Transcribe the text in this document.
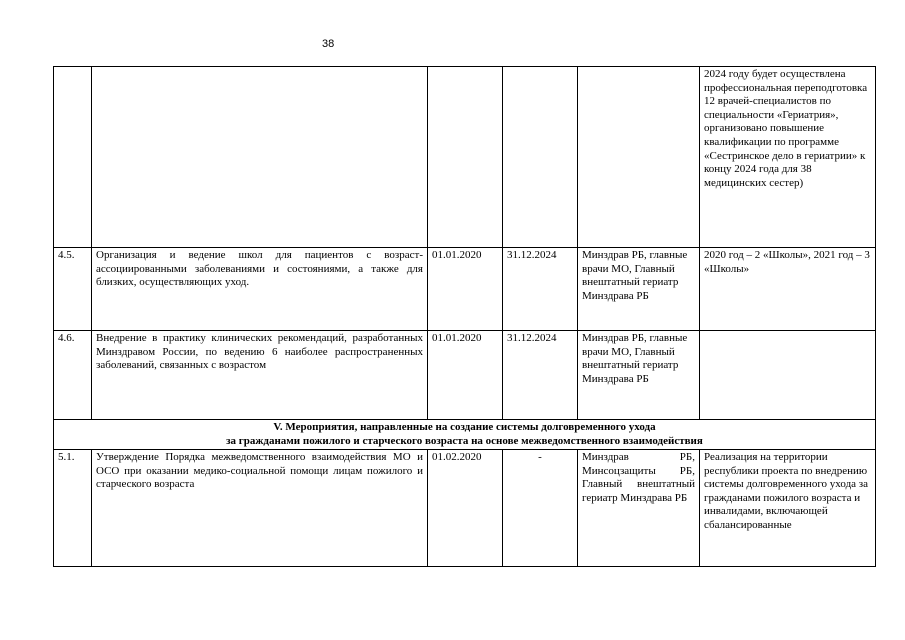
38
					2024 году будет осуществлена профессиональная переподготовка 12 врачей-специалистов по специальности «Гериатрия», организовано повышение квалификации по программе «Сестринское дело в гериатрии» к концу 2024 года для 38 медицинских сестер)
4.5.	Организация и ведение школ для пациентов с возраст-ассоциированными заболеваниями и состояниями, а также для близких, осуществляющих уход.	01.01.2020	31.12.2024	Минздрав РБ, главные врачи МО, Главный внештатный гериатр Минздрава РБ	2020 год – 2 «Школы», 2021 год – 3 «Школы»
4.6.	Внедрение в практику клинических рекомендаций, разработанных Минздравом России, по ведению 6 наиболее распространенных заболеваний, связанных с возрастом	01.01.2020	31.12.2024	Минздрав РБ, главные врачи МО, Главный внештатный гериатр Минздрава РБ	

V. Мероприятия, направленные на создание системы долговременного ухода
за гражданами пожилого и старческого возраста на основе межведомственного взаимодействия					

5.1.	Утверждение Порядка межведомственного взаимодействия МО и ОСО при оказании медико-социальной помощи лицам пожилого и старческого возраста	01.02.2020	-	Минздрав РБ, Минсоцзащиты РБ, Главный внештатный гериатр Минздрава РБ	Реализация на территории республики проекта по внедрению системы долговременного ухода за гражданами пожилого возраста и инвалидами, включающей сбалансированные
